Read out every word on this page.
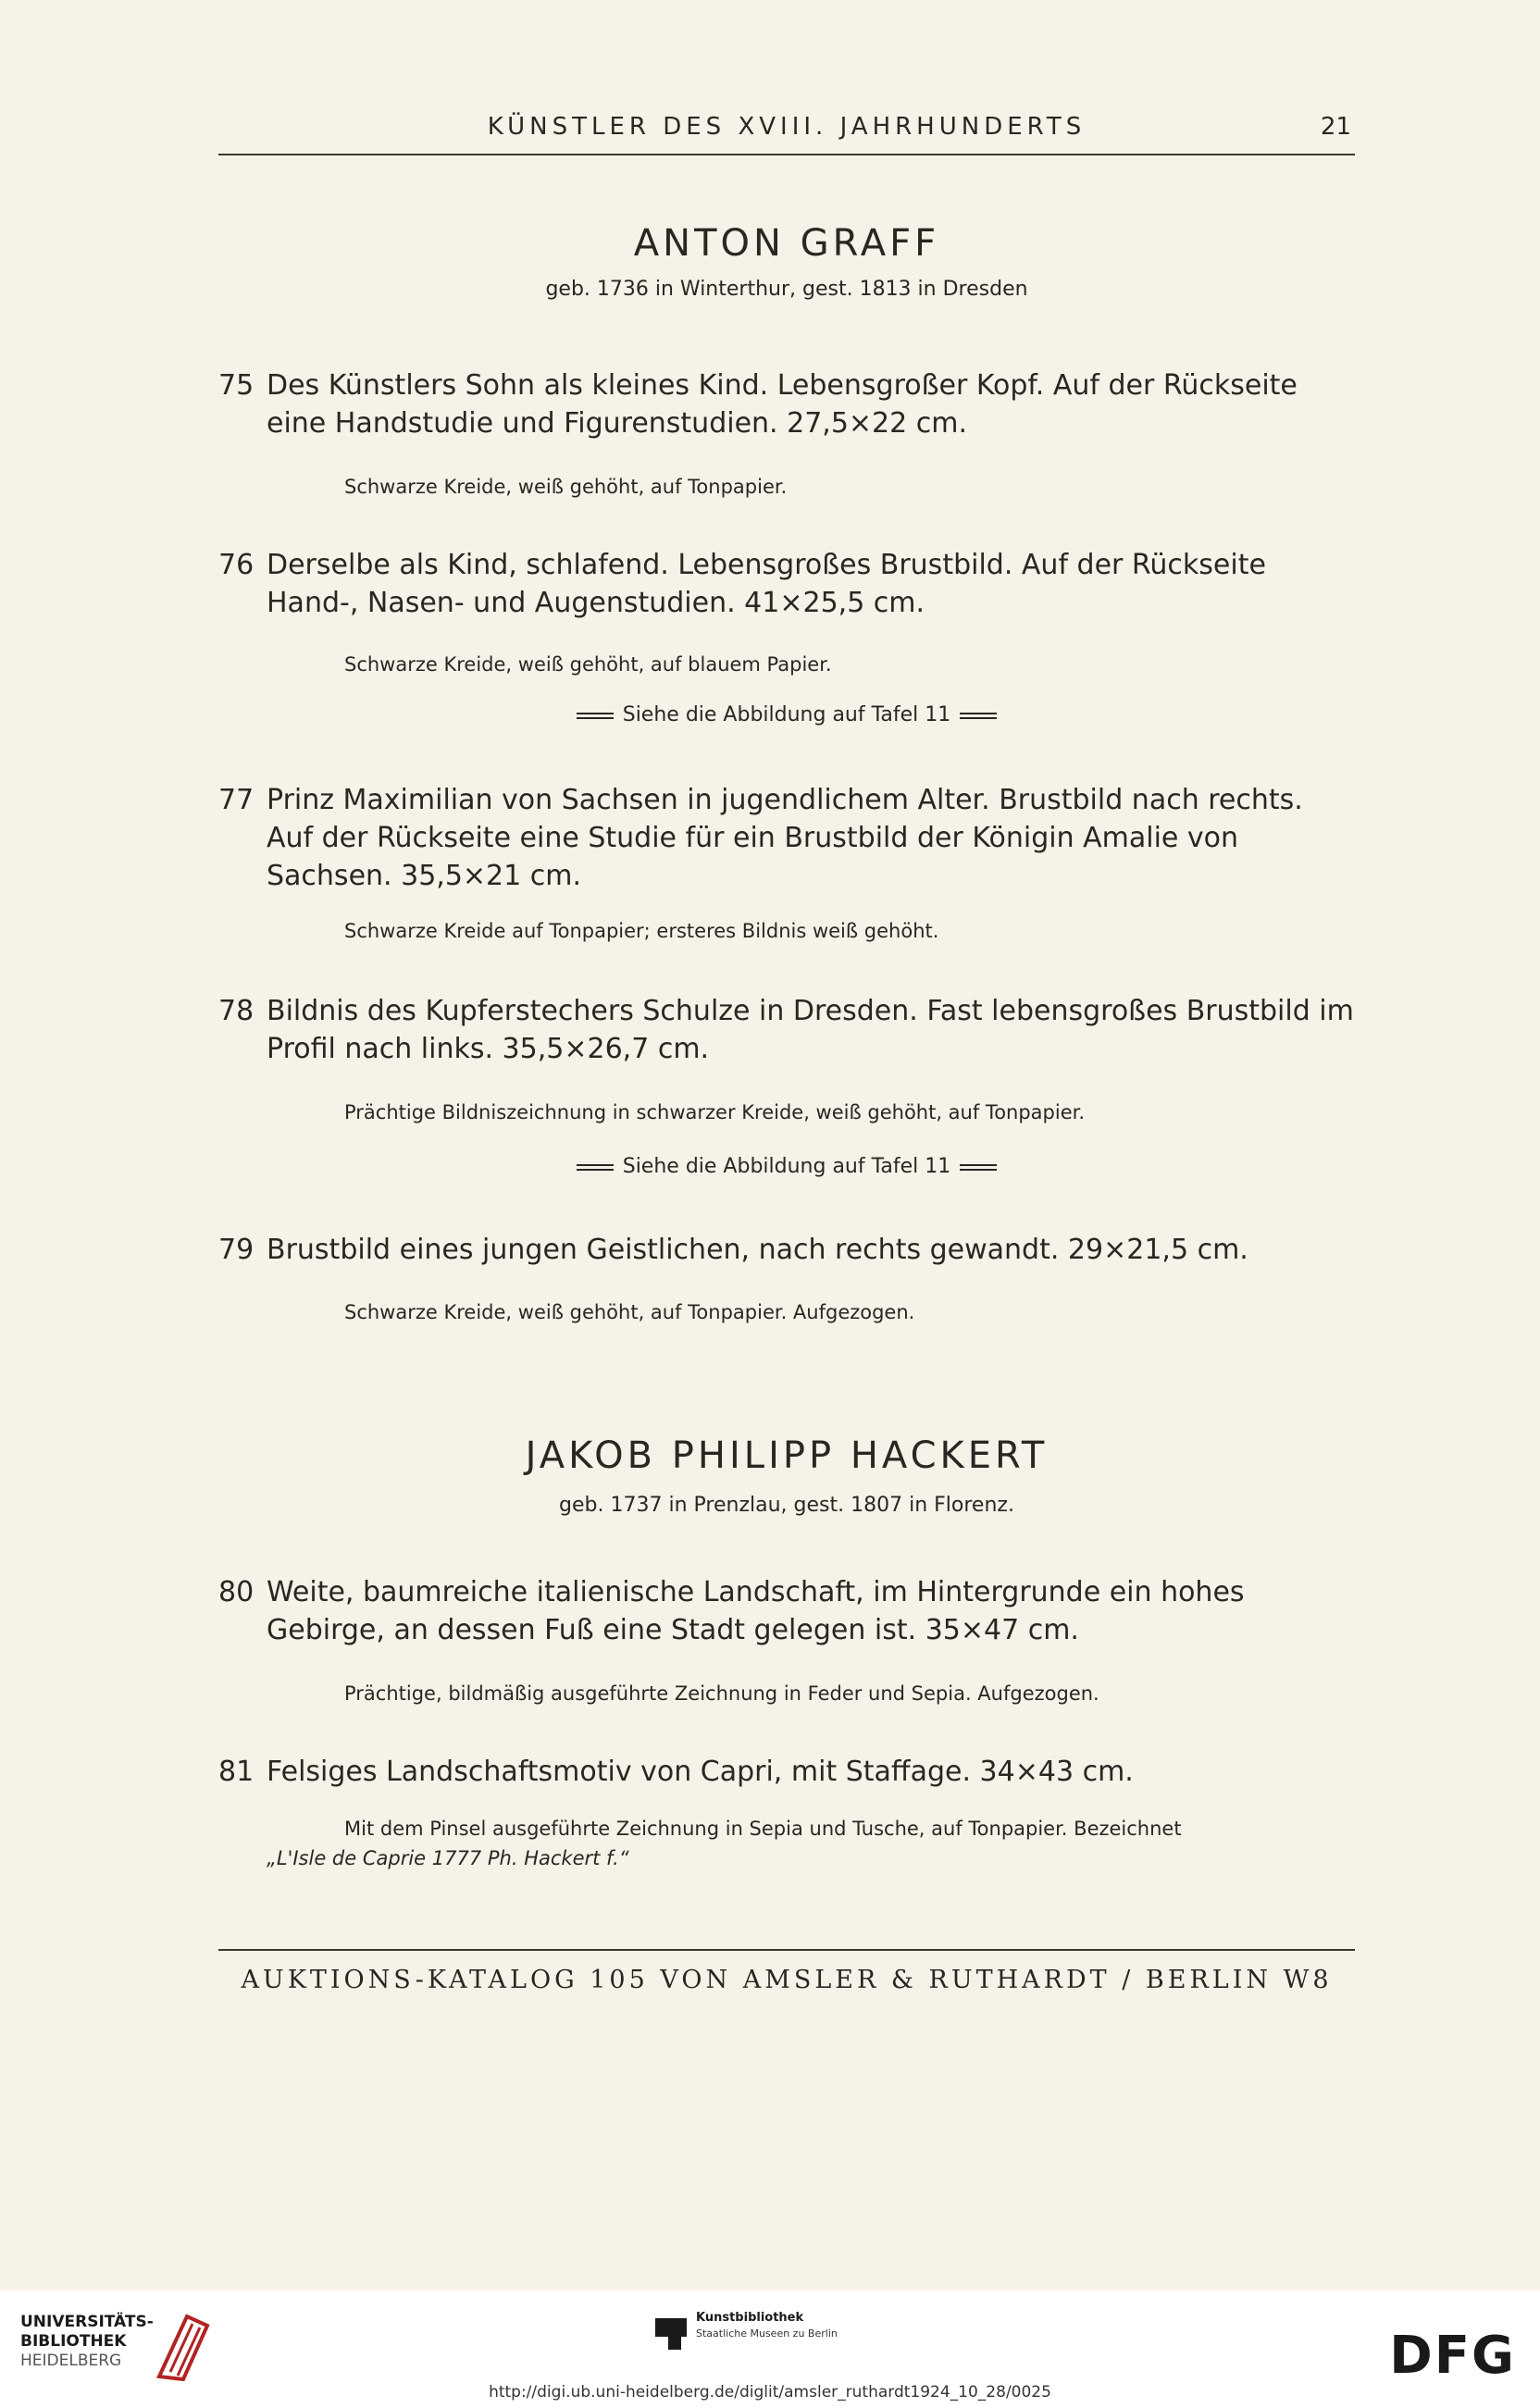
KÜNSTLER DES XVIII. JAHRHUNDERTS	21
ANTON GRAFF
geb. 1736 in Winterthur, gest. 1813 in Dresden
75 Des Künstlers Sohn als kleines Kind. Lebensgroßer Kopf. Auf der Rückseite eine Handstudie und Figurenstudien. 27,5×22 cm.
Schwarze Kreide, weiß gehöht, auf Tonpapier.
76 Derselbe als Kind, schlafend. Lebensgroßes Brustbild. Auf der Rückseite Hand-, Nasen- und Augenstudien. 41×25,5 cm.
Schwarze Kreide, weiß gehöht, auf blauem Papier.
Siehe die Abbildung auf Tafel 11
77 Prinz Maximilian von Sachsen in jugendlichem Alter. Brustbild nach rechts. Auf der Rückseite eine Studie für ein Brustbild der Königin Amalie von Sachsen. 35,5×21 cm.
Schwarze Kreide auf Tonpapier; ersteres Bildnis weiß gehöht.
78 Bildnis des Kupferstechers Schulze in Dresden. Fast lebensgroßes Brustbild im Profil nach links. 35,5×26,7 cm.
Prächtige Bildniszeichnung in schwarzer Kreide, weiß gehöht, auf Tonpapier.
Siehe die Abbildung auf Tafel 11
79 Brustbild eines jungen Geistlichen, nach rechts gewandt. 29×21,5 cm.
Schwarze Kreide, weiß gehöht, auf Tonpapier. Aufgezogen.
JAKOB PHILIPP HACKERT
geb. 1737 in Prenzlau, gest. 1807 in Florenz.
80 Weite, baumreiche italienische Landschaft, im Hintergrunde ein hohes Gebirge, an dessen Fuß eine Stadt gelegen ist. 35×47 cm.
Prächtige, bildmäßig ausgeführte Zeichnung in Feder und Sepia. Aufgezogen.
81 Felsiges Landschaftsmotiv von Capri, mit Staffage. 34×43 cm.
Mit dem Pinsel ausgeführte Zeichnung in Sepia und Tusche, auf Tonpapier. Bezeichnet
„L'Isle de Caprie 1777 Ph. Hackert f.“
AUKTIONS-KATALOG 105 VON AMSLER & RUTHARDT / BERLIN W8
UNIVERSITÄTS-
BIBLIOTHEK
HEIDELBERG
Kunstbibliothek
Staatliche Museen zu Berlin	DFG
http://digi.ub.uni-heidelberg.de/diglit/amsler_ruthardt1924_10_28/0025
